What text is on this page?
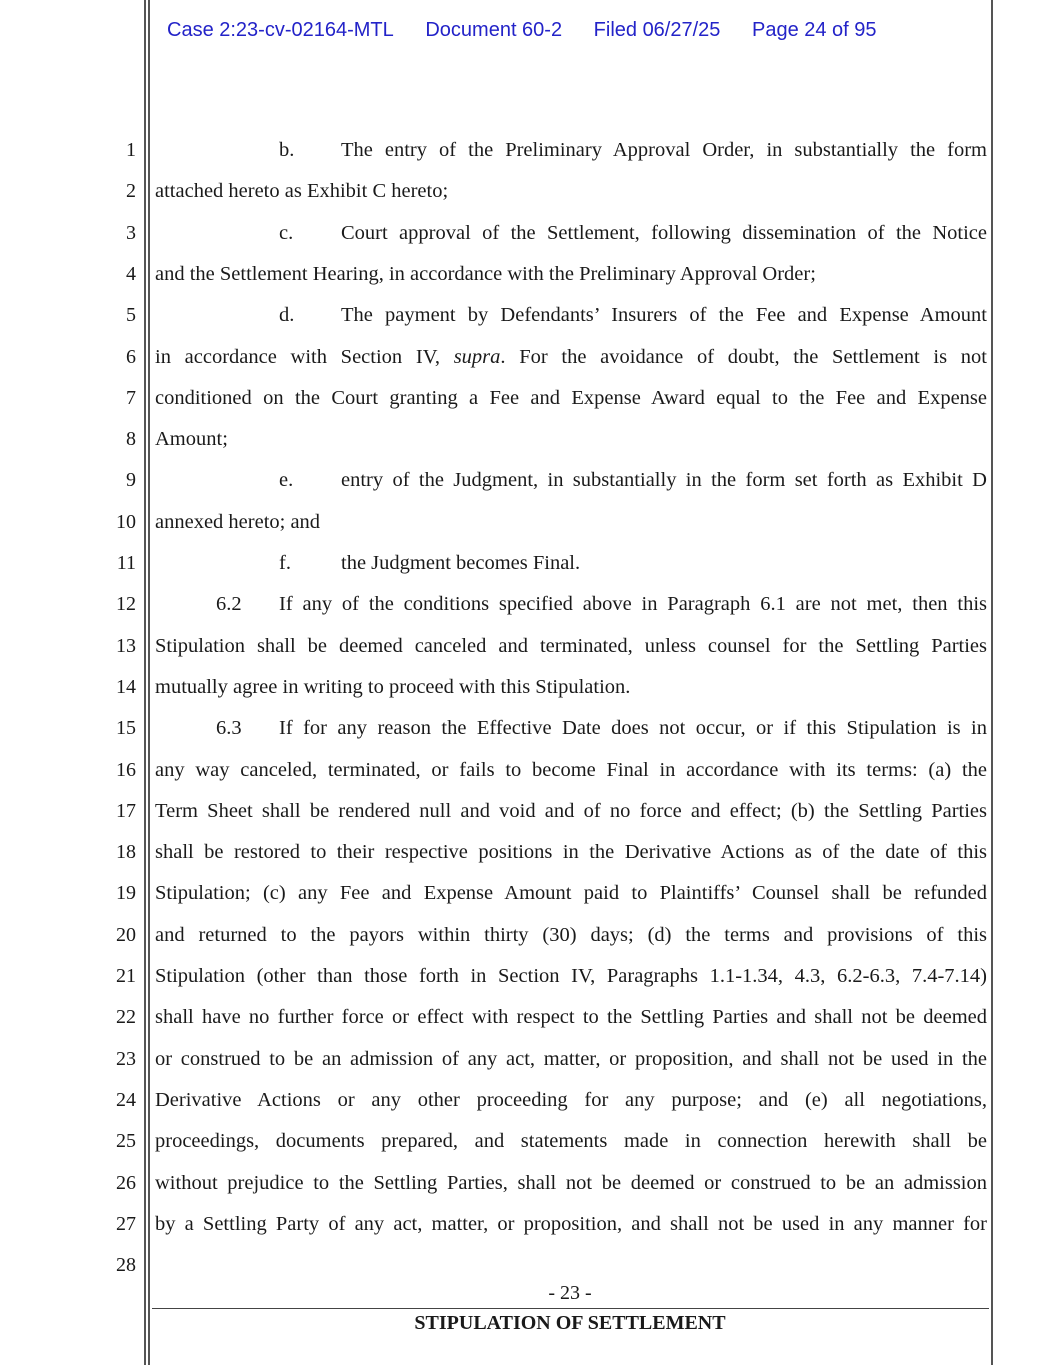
Case 2:23-cv-02164-MTL Document 60-2 Filed 06/27/25 Page 24 of 95
1
2
3
4
5
6
7
8
9
10
11
12
13
14
15
16
17
18
19
20
21
22
23
24
25
26
27
28
b. The entry of the Preliminary Approval Order, in substantially the form
attached hereto as Exhibit C hereto;
c. Court approval of the Settlement, following dissemination of the Notice
and the Settlement Hearing, in accordance with the Preliminary Approval Order;
d. The payment by Defendants’ Insurers of the Fee and Expense Amount
in accordance with Section IV, supra. For the avoidance of doubt, the Settlement is not
conditioned on the Court granting a Fee and Expense Award equal to the Fee and Expense
Amount;
e. entry of the Judgment, in substantially in the form set forth as Exhibit D
annexed hereto; and
f. the Judgment becomes Final.
6.2 If any of the conditions specified above in Paragraph 6.1 are not met, then this
Stipulation shall be deemed canceled and terminated, unless counsel for the Settling Parties
mutually agree in writing to proceed with this Stipulation.
6.3 If for any reason the Effective Date does not occur, or if this Stipulation is in
any way canceled, terminated, or fails to become Final in accordance with its terms: (a) the
Term Sheet shall be rendered null and void and of no force and effect; (b) the Settling Parties
shall be restored to their respective positions in the Derivative Actions as of the date of this
Stipulation; (c) any Fee and Expense Amount paid to Plaintiffs’ Counsel shall be refunded
and returned to the payors within thirty (30) days; (d) the terms and provisions of this
Stipulation (other than those forth in Section IV, Paragraphs 1.1-1.34, 4.3, 6.2-6.3, 7.4-7.14)
shall have no further force or effect with respect to the Settling Parties and shall not be deemed
or construed to be an admission of any act, matter, or proposition, and shall not be used in the
Derivative Actions or any other proceeding for any purpose; and (e) all negotiations,
proceedings, documents prepared, and statements made in connection herewith shall be
without prejudice to the Settling Parties, shall not be deemed or construed to be an admission
by a Settling Party of any act, matter, or proposition, and shall not be used in any manner for
- 23 -
STIPULATION OF SETTLEMENT
